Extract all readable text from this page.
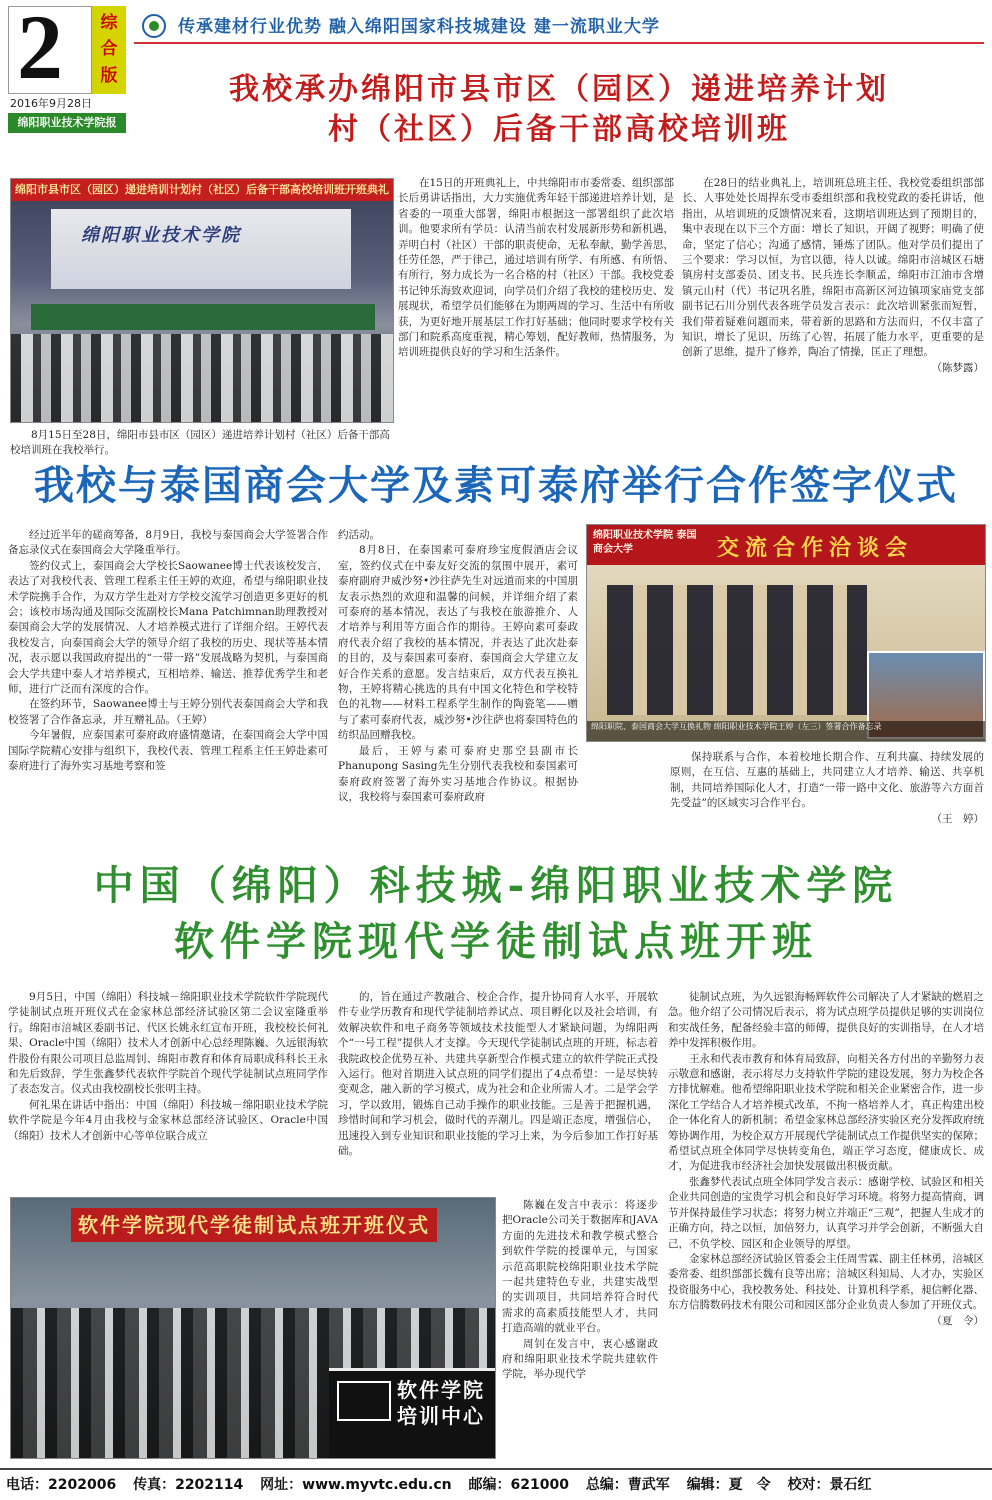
2 综
合
版
2016年9月28日
绵阳职业技术学院报
传承建材行业优势 融入绵阳国家科技城建设 建一流职业大学
我校承办绵阳市县市区（园区）递进培养计划
村（社区）后备干部高校培训班
绵阳职业技术学院
绵阳市县市区（园区）递进培训计划村（社区）后备干部高校培训班开班典礼
8月15日至28日，绵阳市县市区（园区）递进培养计划村（社区）后备干部高校培训班在我校举行。

在15日的开班典礼上，中共绵阳市市委常委、组织部部长后勇讲话指出，大力实施优秀年轻干部递进培养计划，是省委的一项重大部署，绵阳市根据这一部署组织了此次培训。他要求所有学员：认清当前农村发展新形势和新机遇，弄明白村（社区）干部的职责使命，无私奉献，勤学善思，任劳任怨，严于律己，通过培训有所学、有所感、有所悟、有所行，努力成长为一名合格的村（社区）干部。我校党委书记钟乐海致欢迎词，向学员们介绍了我校的建校历史、发展现状，希望学员们能够在为期两周的学习、生活中有所收获，为更好地开展基层工作打好基础；他同时要求学校有关部门和院系高度重视，精心筹划，配好教师，热情服务，为培训班提供良好的学习和生活条件。

在28日的结业典礼上，培训班总班主任、我校党委组织部部长、人事处处长周捍东受市委组织部和我校党政的委托讲话，他指出，从培训班的反馈情况来看，这期培训班达到了预期目的，集中表现在以下三个方面：增长了知识，开阔了视野；明确了使命，坚定了信心；沟通了感情，锤炼了团队。他对学员们提出了三个要求：学习以恒，为官以德，待人以诚。绵阳市涪城区石塘镇房村支部委员、团支书、民兵连长李顺孟，绵阳市江油市含增镇元山村（代）书记巩名胜，绵阳市高新区河边镇项家庙党支部副书记石川分别代表各班学员发言表示：此次培训紧张而短暂，我们带着疑难问题而来，带着新的思路和方法而归，不仅丰富了知识，增长了见识，历练了心智，拓展了能力水平，更重要的是创新了思维，提升了修养，陶冶了情操，匡正了理想。

（陈梦露）

我校与泰国商会大学及素可泰府举行合作签字仪式

经过近半年的磋商筹备，8月9日，我校与泰国商会大学签署合作备忘录仪式在泰国商会大学隆重举行。

签约仪式上，泰国商会大学校长Saowanee博士代表该校发言，表达了对我校代表、管理工程系主任王婷的欢迎，希望与绵阳职业技术学院携手合作，为双方学生赴对方学校交流学习创造更多更好的机会；该校市场沟通及国际交流副校长Mana Patchimnan助理教授对泰国商会大学的发展情况、人才培养模式进行了详细介绍。王婷代表我校发言，向泰国商会大学的领导介绍了我校的历史、现状等基本情况，表示愿以我国政府提出的“一带一路”发展战略为契机，与泰国商会大学共建中泰人才培养模式，互相培养、输送、推荐优秀学生和老师，进行广泛而有深度的合作。

在签约环节，Saowanee博士与王婷分别代表泰国商会大学和我校签署了合作备忘录，并互赠礼品。（王婷）

今年暑假，应泰国素可泰府政府盛情邀请，在泰国商会大学中国国际学院精心安排与组织下，我校代表、管理工程系主任王婷赴素可泰府进行了海外实习基地考察和签

约活动。

8月8日，在泰国素可泰府珍宝度假酒店会议室，签约仪式在中泰友好交流的氛围中展开，素可泰府副府尹威沙努•沙往萨先生对远道而来的中国朋友表示热烈的欢迎和温馨的问候，并详细介绍了素可泰府的基本情况，表达了与我校在旅游推介、人才培养与利用等方面合作的期待。王婷向素可泰政府代表介绍了我校的基本情况，并表达了此次赴泰的目的，及与泰国素可泰府、泰国商会大学建立友好合作关系的意愿。发言结束后，双方代表互换礼物，王婷将精心挑选的具有中国文化特色和学校特色的礼物——材料工程系学生制作的陶瓷笔——赠与了素可泰府代表，威沙努•沙往萨也将泰国特色的纺织品回赠我校。

最后，王婷与素可泰府史那空县副市长Phanupong Sasing先生分别代表我校和泰国素可泰府政府签署了海外实习基地合作协议。根据协议，我校将与泰国素可泰府政府

绵阳职业技术学院 泰国商会大学	交流合作洽谈会
绵阳职院、泰国商会大学互换礼物 绵阳职业技术学院王婷（左三）签署合作备忘录

保持联系与合作，本着校地长期合作、互利共赢、持续发展的原则，在互信、互惠的基础上，共同建立人才培养、输送、共享机制，共同培养国际化人才，打造“一带一路中文化、旅游等六方面首先受益”的区域实习合作平台。

（王　婷）

中国（绵阳）科技城-绵阳职业技术学院
软件学院现代学徒制试点班开班

9月5日，中国（绵阳）科技城－绵阳职业技术学院软件学院现代学徒制试点班开班仪式在金家林总部经济试验区第二会议室隆重举行。绵阳市涪城区委副书记、代区长姚永红宣布开班，我校校长何礼果、Oracle中国（绵阳）技术人才创新中心总经理陈巍、久远银海软件股份有限公司项目总监周钊、绵阳市教育和体育局职成科科长王永和先后致辞，学生张鑫梦代表软件学院首个现代学徒制试点班同学作了表态发言。仪式由我校副校长张明主持。

何礼果在讲话中指出：中国（绵阳）科技城－绵阳职业技术学院软件学院是今年4月由我校与金家林总部经济试验区、Oracle中国（绵阳）技术人才创新中心等单位联合成立

软件学院现代学徒制试点班开班仪式
软件学院 培训中心

的，旨在通过产教融合、校企合作，提升协同育人水平，开展软件专业学历教育和现代学徒制培养试点、项目孵化以及社会培训，有效解决软件和电子商务等领域技术技能型人才紧缺问题，为绵阳两个“一号工程”提供人才支撑。今天现代学徒制试点班的开班，标志着我院政校企优势互补、共建共享新型合作模式建立的软件学院正式投入运行。他对首期进入试点班的同学们提出了4点希望：一是尽快转变观念，融入新的学习模式，成为社会和企业所需人才。二是学会学习，学以致用，锻炼自己动手操作的职业技能。三是善于把握机遇，珍惜时间和学习机会，做时代的弄潮儿。四是端正态度，增强信心，迅速投入到专业知识和职业技能的学习上来，为今后参加工作打好基础。

陈巍在发言中表示：将逐步把Oracle公司关于数据库和JAVA方面的先进技术和教学模式整合到软件学院的授课单元，与国家示范高职院校绵阳职业技术学院一起共建特色专业，共建实战型的实训项目，共同培养符合时代需求的高素质技能型人才，共同打造高端的就业平台。

周钊在发言中，衷心感谢政府和绵阳职业技术学院共建软件学院，举办现代学

徒制试点班，为久远银海畅辉软件公司解决了人才紧缺的燃眉之急。他介绍了公司情况后表示，将为试点班学员提供足够的实训岗位和实战任务，配备经验丰富的师傅，提供良好的实训指导，在人才培养中发挥积极作用。

王永和代表市教育和体育局致辞，向相关各方付出的辛勤努力表示敬意和感谢，表示将尽力支持软件学院的建设发展，努力为校企各方排忧解难。他希望绵阳职业技术学院和相关企业紧密合作，进一步深化工学结合人才培养模式改革，不拘一格培养人才，真正构建出校企一体化育人的新机制；希望金家林总部经济实验区充分发挥政府统筹协调作用，为校企双方开展现代学徒制试点工作提供坚实的保障；希望试点班全体同学尽快转变角色，端正学习态度，健康成长、成才，为促进我市经济社会加快发展做出积极贡献。

张鑫梦代表试点班全体同学发言表示：感谢学校、试验区和相关企业共同创造的宝贵学习机会和良好学习环境。将努力提高情商，调节并保持最佳学习状态；将努力树立并端正“三观”，把握人生成才的正确方向，持之以恒，加倍努力，认真学习并学会创新，不断强大自己，不负学校、园区和企业领导的厚望。

金家林总部经济试验区管委会主任周雪霖、副主任林勇，涪城区委常委、组织部部长魏有良等出席；涪城区科知局、人才办，实验区投资服务中心，我校教务处、科技处、计算机科学系，昶信孵化器、东方信腾数码技术有限公司和园区部分企业负责人参加了开班仪式。

（夏　令）

电话：2202006 传真：2202114 网址：www.myvtc.edu.cn 邮编：621000 总编：曹武军 编辑：夏　令 校对：景石红
